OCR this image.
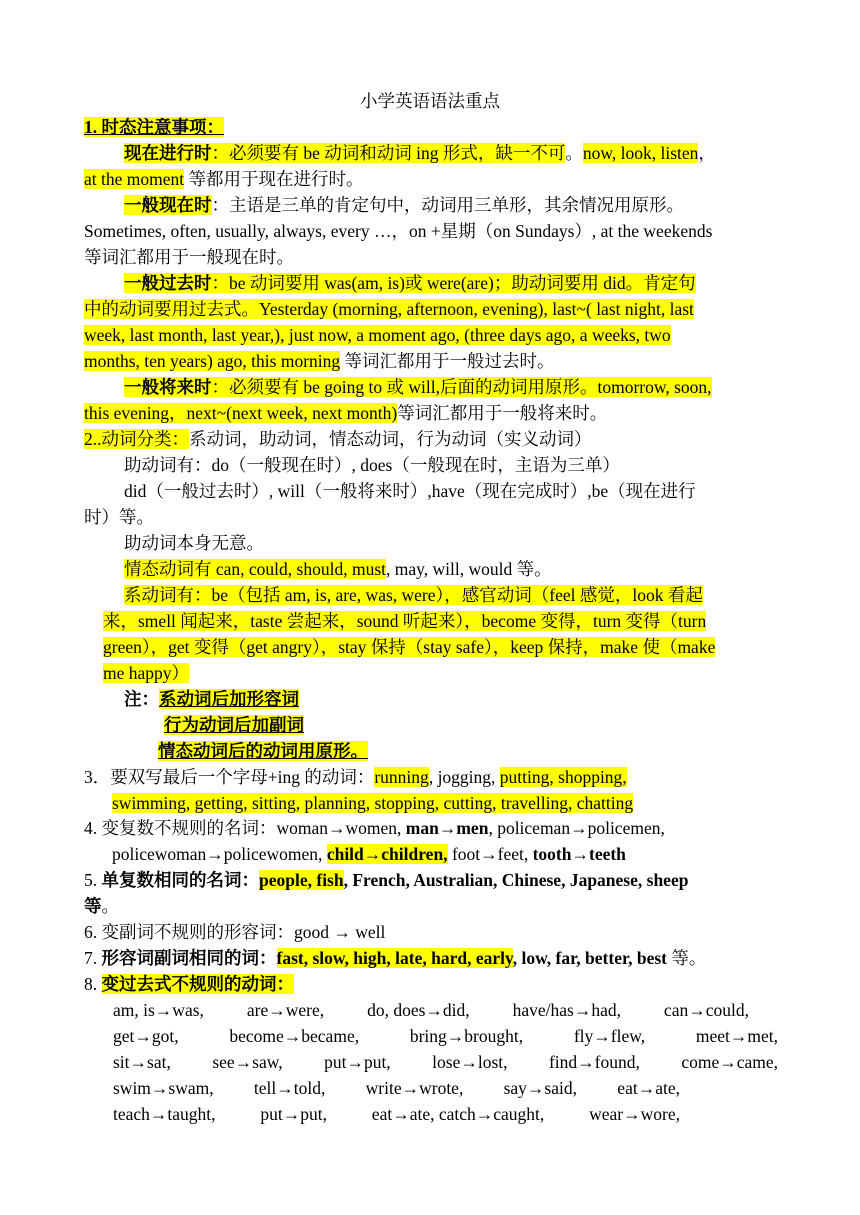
小学英语语法重点
1. 时态注意事项：
现在进行时：必须要有 be 动词和动词 ing 形式，缺一不可。now, look, listen，
at the moment 等都用于现在进行时。
一般现在时：主语是三单的肯定句中，动词用三单形，其余情况用原形。
Sometimes, often, usually, always, every …，on +星期（on Sundays）, at the weekends
等词汇都用于一般现在时。
一般过去时：be 动词要用 was(am, is)或 were(are)；助动词要用 did。肯定句
中的动词要用过去式。Yesterday (morning, afternoon, evening), last~( last night, last
week, last month, last year,), just now, a moment ago, (three days ago, a weeks, two
months, ten years) ago, this morning 等词汇都用于一般过去时。
一般将来时：必须要有 be going to 或 will,后面的动词用原形。tomorrow, soon,
this evening，next~(next week, next month)等词汇都用于一般将来时。
2..动词分类：系动词，助动词，情态动词，行为动词（实义动词）
助动词有：do（一般现在时）, does（一般现在时，主语为三单）
did（一般过去时）, will（一般将来时）,have（现在完成时）,be（现在进行
时）等。
助动词本身无意。
情态动词有 can, could, should, must, may, will, would 等。
系动词有：be（包括 am, is, are, was, were），感官动词（feel 感觉，look 看起
来，smell 闻起来，taste 尝起来，sound 听起来），become 变得，turn 变得（turn
green），get 变得（get angry），stay 保持（stay safe），keep 保持，make 使（make
me happy）
注：系动词后加形容词
行为动词后加副词
情态动词后的动词用原形。
3．要双写最后一个字母+ing 的动词：running, jogging, putting, shopping,
swimming, getting, sitting, planning, stopping, cutting, travelling, chatting
4. 变复数不规则的名词：woman→women, man→men, policeman→policemen,
policewoman→policewomen, child→children, foot→feet, tooth→teeth
5. 单复数相同的名词：people, fish, French, Australian, Chinese, Japanese, sheep
等。
6. 变副词不规则的形容词：good → well
7. 形容词副词相同的词：fast, slow, high, late, hard, early, low, far, better, best 等。
8. 变过去式不规则的动词：
am, is→was, are→were, do, does→did, have/has→had, can→could,
get→got,	become→became,	bring→brought,	fly→flew,	meet→met,
sit→sat, see→saw, put→put, lose→lost, find→found, come→came,
swim→swam, tell→told, write→wrote, say→said, eat→ate,
teach→taught,	put→put,	eat→ate, catch→caught,	wear→wore,
